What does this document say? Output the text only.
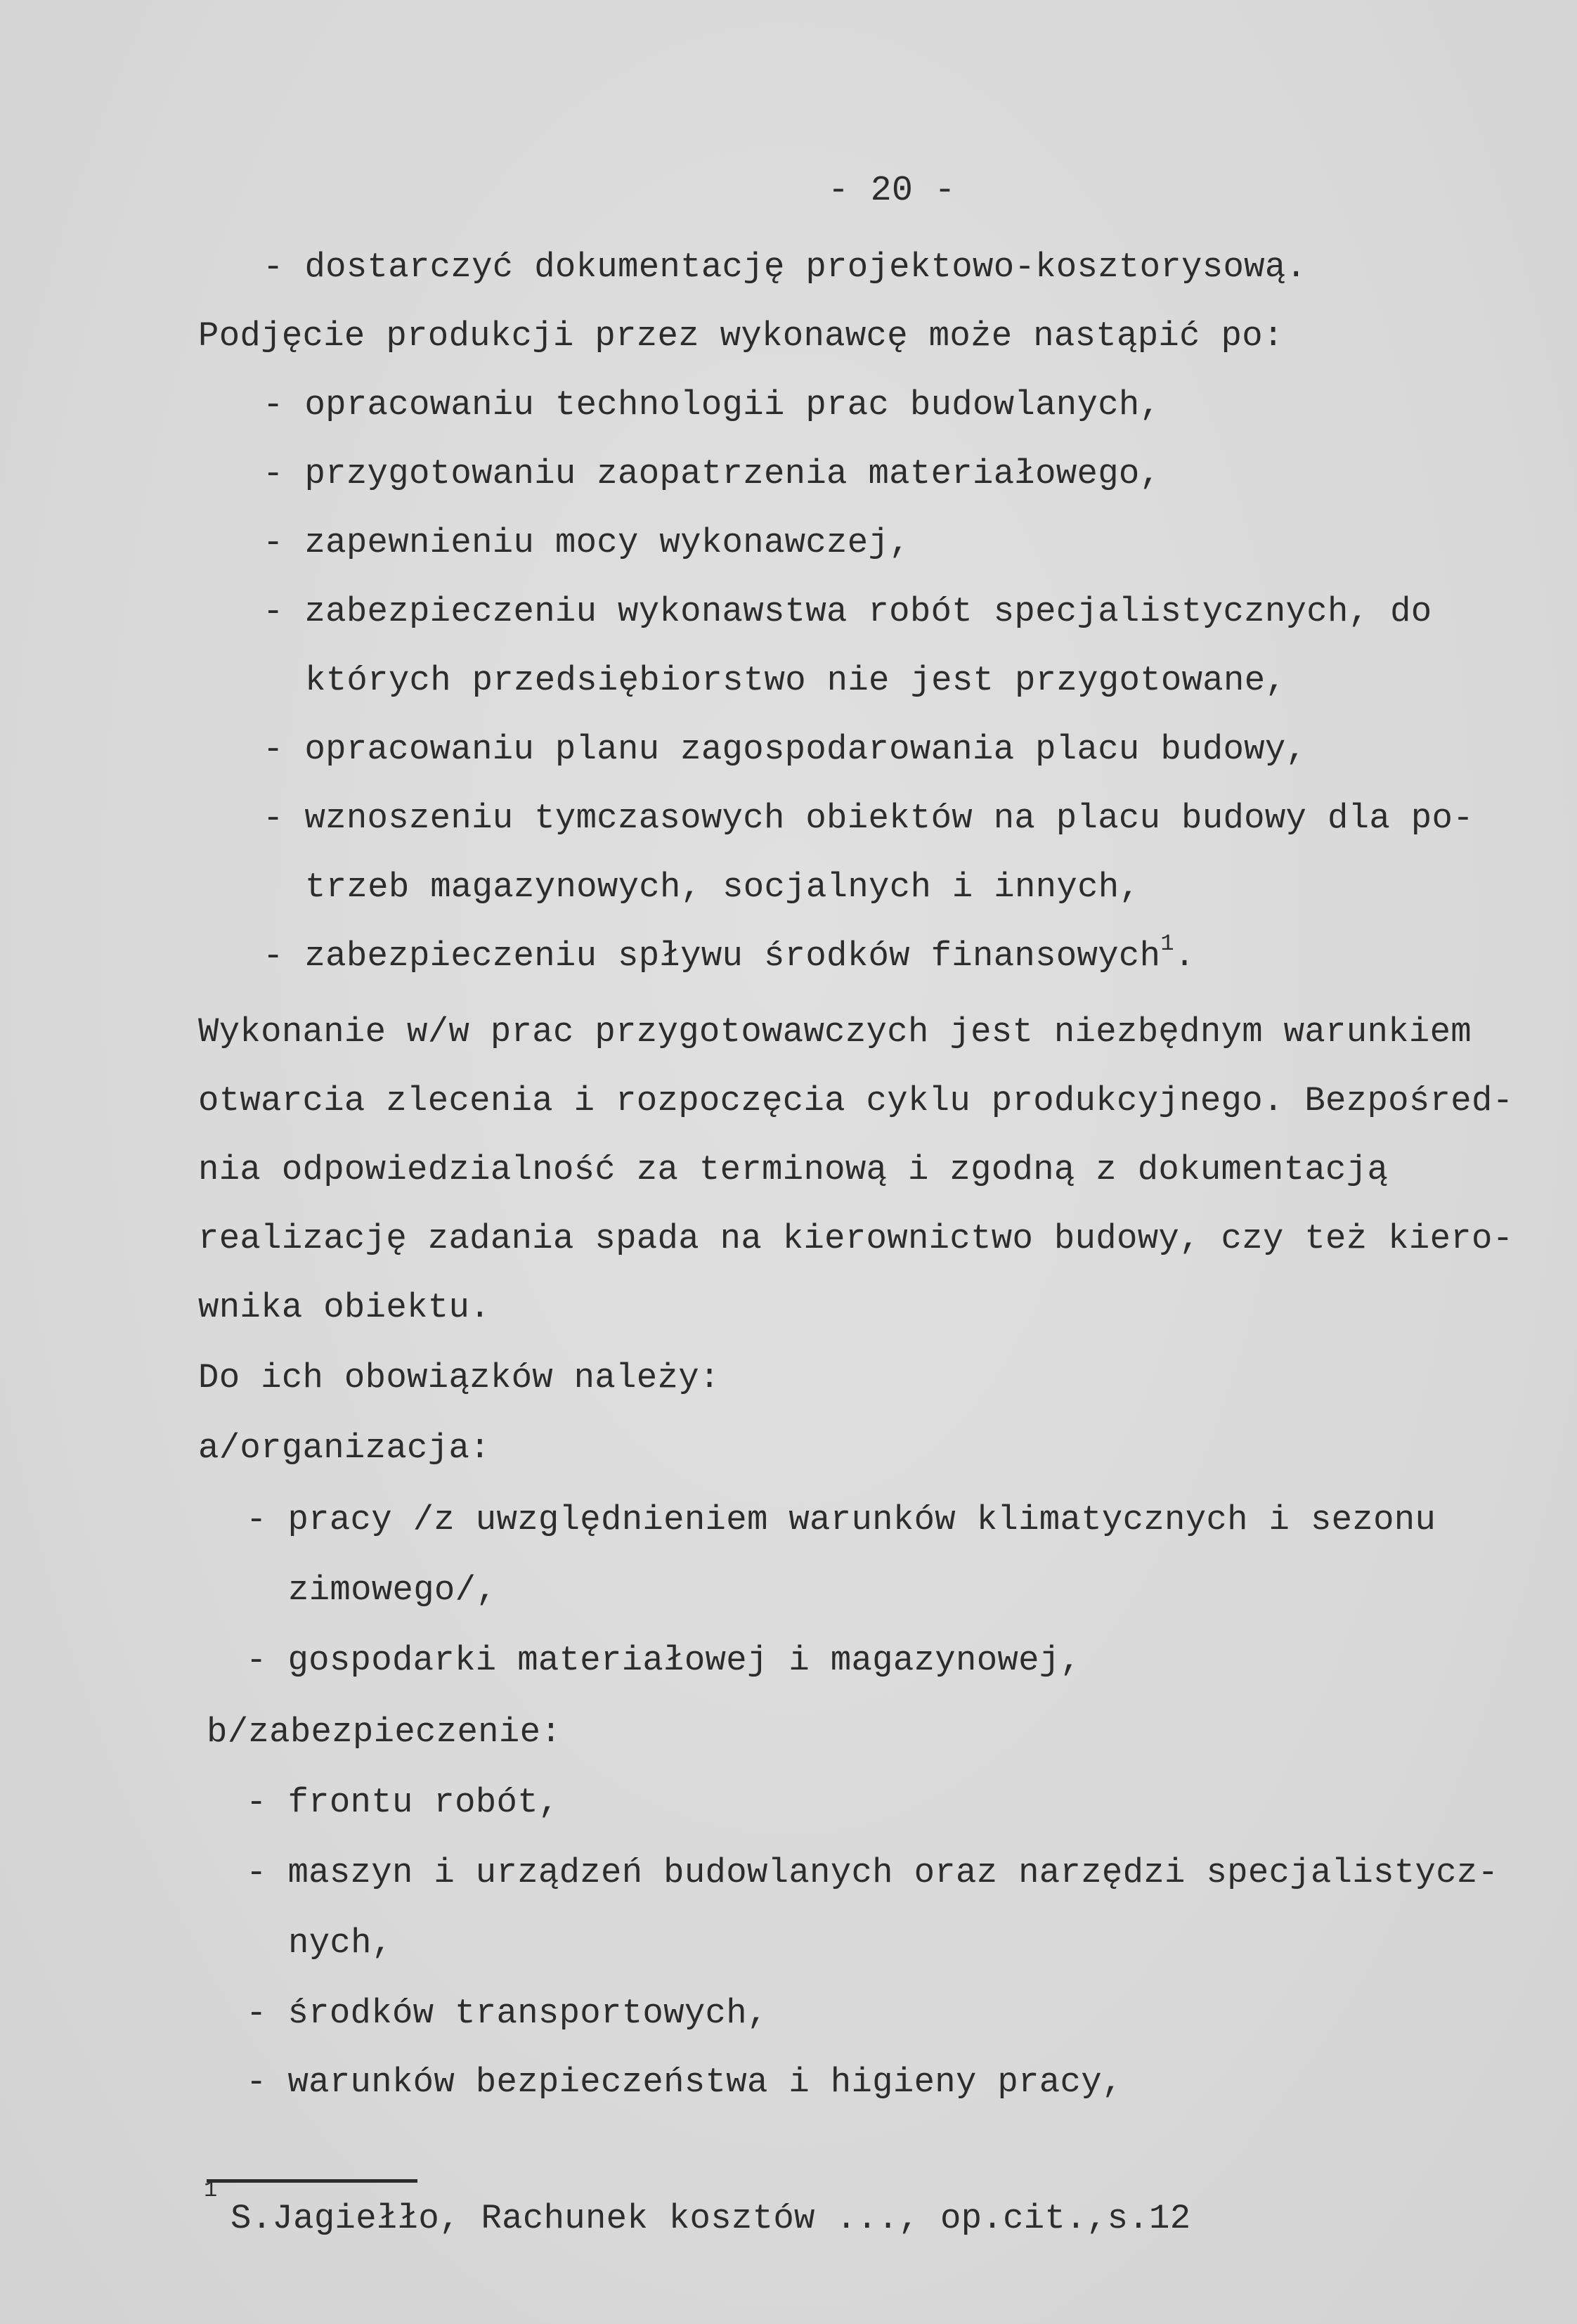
- 20 -
- dostarczyć dokumentację projektowo-kosztorysową.
Podjęcie produkcji przez wykonawcę może nastąpić po:
- opracowaniu technologii prac budowlanych,
- przygotowaniu zaopatrzenia materiałowego,
- zapewnieniu mocy wykonawczej,
- zabezpieczeniu wykonawstwa robót specjalistycznych, do
których przedsiębiorstwo nie jest przygotowane,
- opracowaniu planu zagospodarowania placu budowy,
- wznoszeniu tymczasowych obiektów na placu budowy dla po-
trzeb magazynowych, socjalnych i innych,
- zabezpieczeniu spływu środków finansowych$^1$.
Wykonanie w/w prac przygotowawczych jest niezbędnym warunkiem
otwarcia zlecenia i rozpoczęcia cyklu produkcyjnego. Bezpośred-
nia odpowiedzialność za terminową i zgodną z dokumentacją
realizację zadania spada na kierownictwo budowy, czy też kiero-
wnika obiektu.
Do ich obowiązków należy:
a/organizacja:
- pracy /z uwzględnieniem warunków klimatycznych i sezonu
zimowego/,
- gospodarki materiałowej i magazynowej,
b/zabezpieczenie:
- frontu robót,
- maszyn i urządzeń budowlanych oraz narzędzi specjalistycz-
nych,
- środków transportowych,
- warunków bezpieczeństwa i higieny pracy,
1
S.Jagiełło, Rachunek kosztów ..., op.cit.,s.12
